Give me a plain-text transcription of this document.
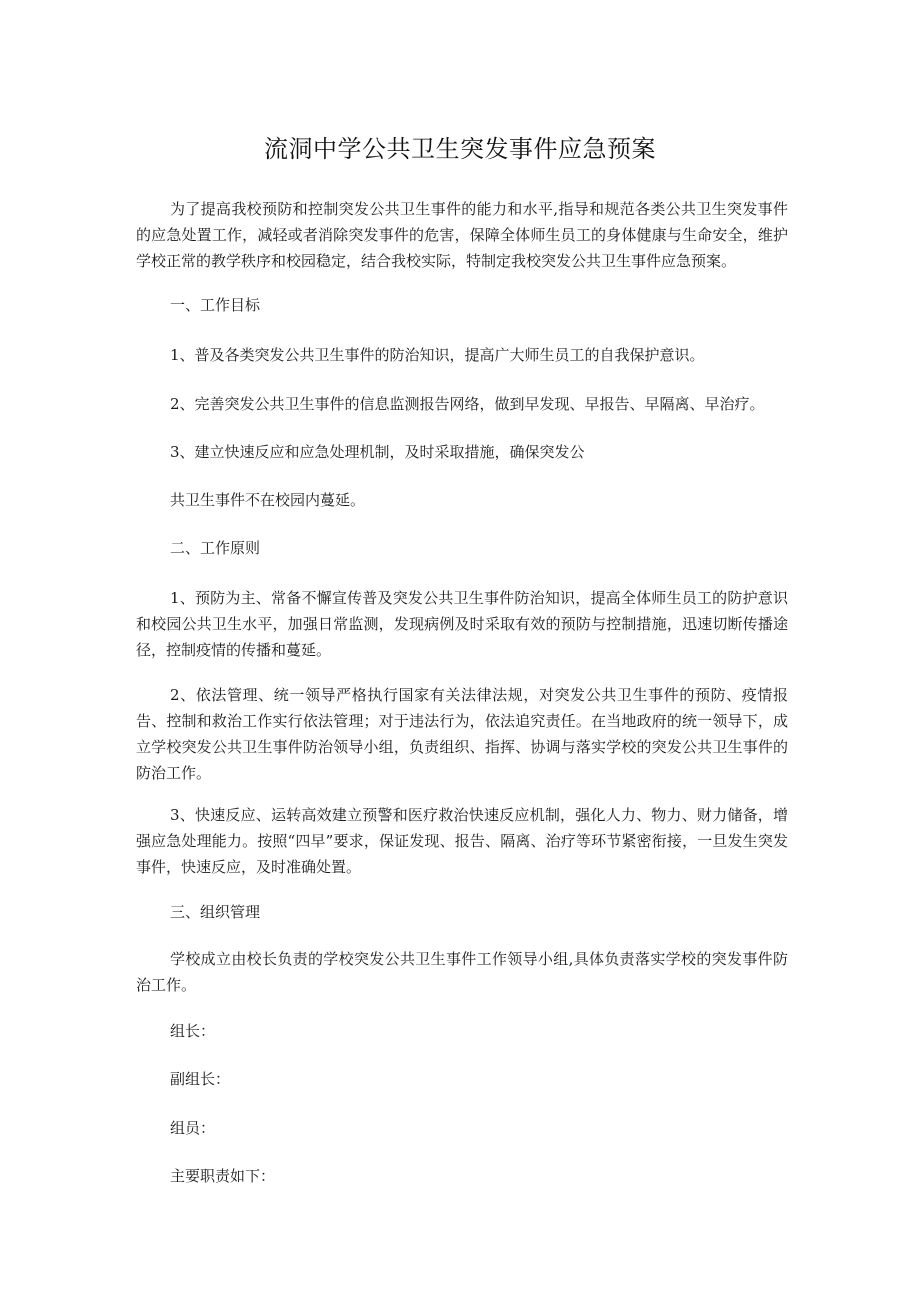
流洞中学公共卫生突发事件应急预案

为了提高我校预防和控制突发公共卫生事件的能力和水平,指导和规范各类公共卫生突发事件的应急处置工作，减轻或者消除突发事件的危害，保障全体师生员工的身体健康与生命安全，维护学校正常的教学秩序和校园稳定，结合我校实际，特制定我校突发公共卫生事件应急预案。

一、工作目标

1、普及各类突发公共卫生事件的防治知识，提高广大师生员工的自我保护意识。

2、完善突发公共卫生事件的信息监测报告网络，做到早发现、早报告、早隔离、早治疗。

3、建立快速反应和应急处理机制，及时采取措施，确保突发公

共卫生事件不在校园内蔓延。

二、工作原则

1、预防为主、常备不懈宣传普及突发公共卫生事件防治知识，提高全体师生员工的防护意识和校园公共卫生水平，加强日常监测，发现病例及时采取有效的预防与控制措施，迅速切断传播途径，控制疫情的传播和蔓延。

2、依法管理、统一领导严格执行国家有关法律法规，对突发公共卫生事件的预防、疫情报告、控制和救治工作实行依法管理；对于违法行为，依法追究责任。在当地政府的统一领导下，成立学校突发公共卫生事件防治领导小组，负责组织、指挥、协调与落实学校的突发公共卫生事件的防治工作。

3、快速反应、运转高效建立预警和医疗救治快速反应机制，强化人力、物力、财力储备，增强应急处理能力。按照“四早”要求，保证发现、报告、隔离、治疗等环节紧密衔接，一旦发生突发事件，快速反应，及时准确处置。

三、组织管理

学校成立由校长负责的学校突发公共卫生事件工作领导小组,具体负责落实学校的突发事件防治工作。

组长：

副组长：

组员：

主要职责如下：
